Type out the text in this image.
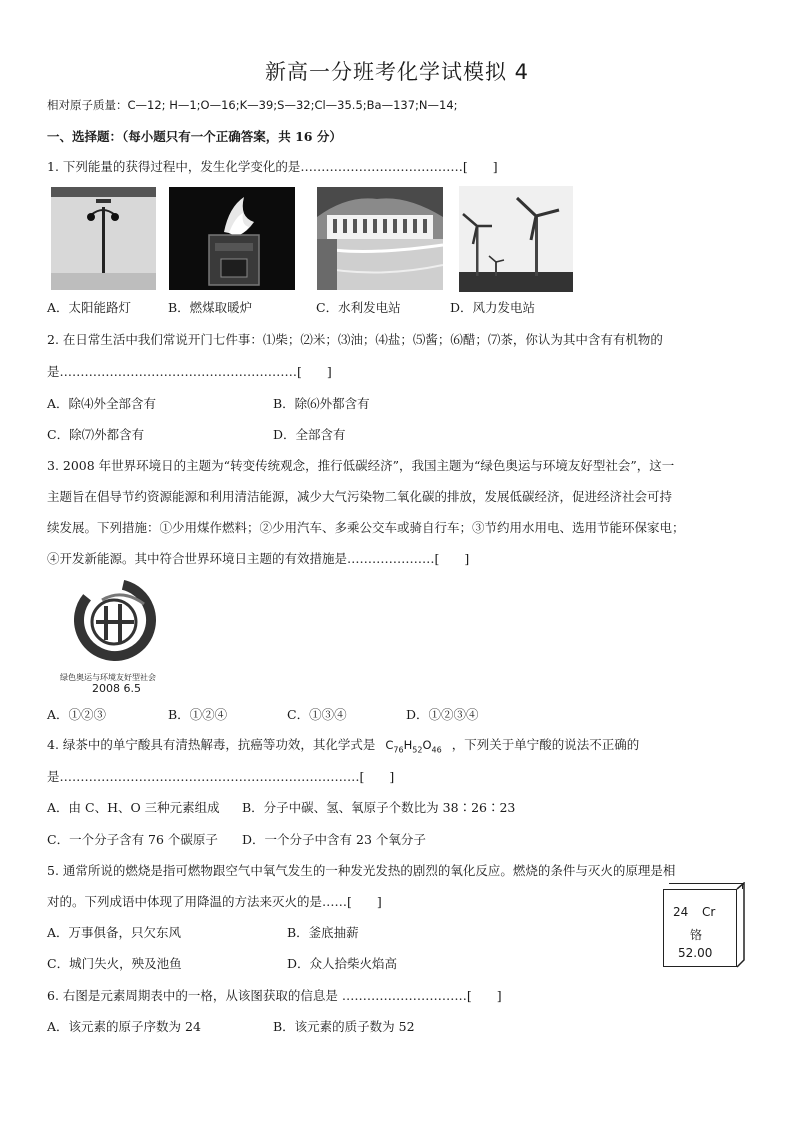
新高一分班考化学试模拟 4
相对原子质量：C—12; H—1;O—16;K—39;S—32;Cl—35.5;Ba—137;N—14;
一、选择题：（每小题只有一个正确答案，共 16 分）
1. 下列能量的获得过程中，发生化学变化的是…………………………………[　　]
A．太阳能路灯	B．燃煤取暖炉	C．水利发电站	D．风力发电站
2. 在日常生活中我们常说开门七件事：⑴柴；⑵米；⑶油；⑷盐；⑸酱；⑹醋；⑺茶，你认为其中含有有机物的
是…………………………………………………[　　]
A．除⑷外全部含有	B．除⑹外都含有
C．除⑺外都含有	D．全部含有
3. 2008 年世界环境日的主题为“转变传统观念，推行低碳经济”，我国主题为“绿色奥运与环境友好型社会”，这一
主题旨在倡导节约资源能源和利用清洁能源，减少大气污染物二氧化碳的排放，发展低碳经济，促进经济社会可持
续发展。下列措施：①少用煤作燃料；②少用汽车、多乘公交车或骑自行车；③节约用水用电、选用节能环保家电；
④开发新能源。其中符合世界环境日主题的有效措施是…………………[　　]
绿色奥运与环境友好型社会
2008 6.5
A．①②③	B．①②④	C．①③④	D．①②③④
4. 绿茶中的单宁酸具有清热解毒，抗癌等功效，其化学式是 $C_{76}H_{52}O_{46}$ ，下列关于单宁酸的说法不正确的
是………………………………………………………………[　　]
A．由 C、H、O 三种元素组成 B．分子中碳、氢、氧原子个数比为 38∶26∶23
C．一个分子含有 76 个碳原子 D．一个分子中含有 23 个氧分子
5. 通常所说的燃烧是指可燃物跟空气中氧气发生的一种发光发热的剧烈的氧化反应。燃烧的条件与灭火的原理是相
对的。下列成语中体现了用降温的方法来灭火的是……[　　]
A．万事俱备，只欠东风	B．釜底抽薪
C．城门失火，殃及池鱼	D．众人拾柴火焰高
24 Cr
铬
52.00
6. 右图是元素周期表中的一格，从该图获取的信息是 …………………………[　　]
A．该元素的原子序数为 24	B．该元素的质子数为 52
